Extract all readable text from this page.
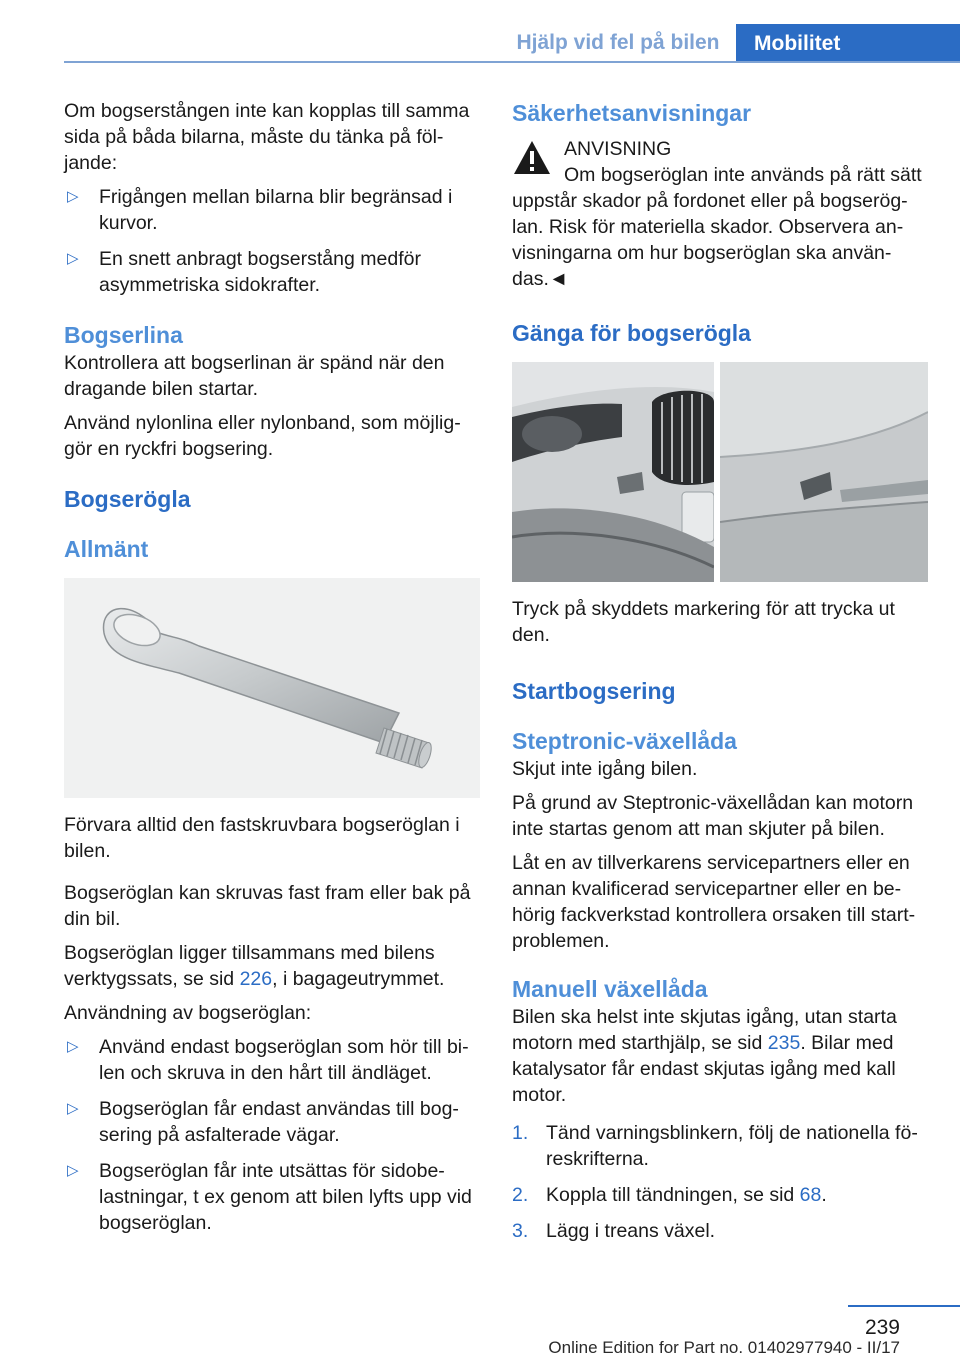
Hjälp vid fel på bilen	Mobilitet

Om bogserstången inte kan kopplas till samma sida på båda bilarna, måste du tänka på följande:

▷ Frigången mellan bilarna blir begränsad i kurvor.
▷ En snett anbragt bogserstång medför asymmetriska sidokrafter.
Bogserlina

Kontrollera att bogserlinan är spänd när den dragande bilen startar.

Använd nylonlina eller nylonband, som möjliggör en ryckfri bogsering.

Bogserögla
Allmänt

Förvara alltid den fastskruvbara bogseröglan i bilen.

Bogseröglan kan skruvas fast fram eller bak på din bil.

Bogseröglan ligger tillsammans med bilens verktygssats, se sid 226, i bagageutrymmet.

Användning av bogseröglan:

▷ Använd endast bogseröglan som hör till bilen och skruva in den hårt till ändläget.
▷ Bogseröglan får endast användas till bogsering på asfalterade vägar.
▷ Bogseröglan får inte utsättas för sidobelastningar, t ex genom att bilen lyfts upp vid bogseröglan.
Säkerhetsanvisningar

ANVISNING

Om bogseröglan inte används på rätt sätt uppstår skador på fordonet eller på bogseröglan. Risk för materiella skador. Observera anvisningarna om hur bogseröglan ska användas.◄

Gänga för bogserögla

Tryck på skyddets markering för att trycka ut den.

Startbogsering
Steptronic-växellåda

Skjut inte igång bilen.

På grund av Steptronic-växellådan kan motorn inte startas genom att man skjuter på bilen.

Låt en av tillverkarens servicepartners eller en annan kvalificerad servicepartner eller en behörig fackverkstad kontrollera orsaken till startproblemen.

Manuell växellåda

Bilen ska helst inte skjutas igång, utan starta motorn med starthjälp, se sid 235. Bilar med katalysator får endast skjutas igång med kall motor.

1. Tänd varningsblinkern, följ de nationella föreskrifterna.
2. Koppla till tändningen, se sid 68.
3. Lägg i treans växel.
239
Online Edition for Part no. 01402977940 - II/17
